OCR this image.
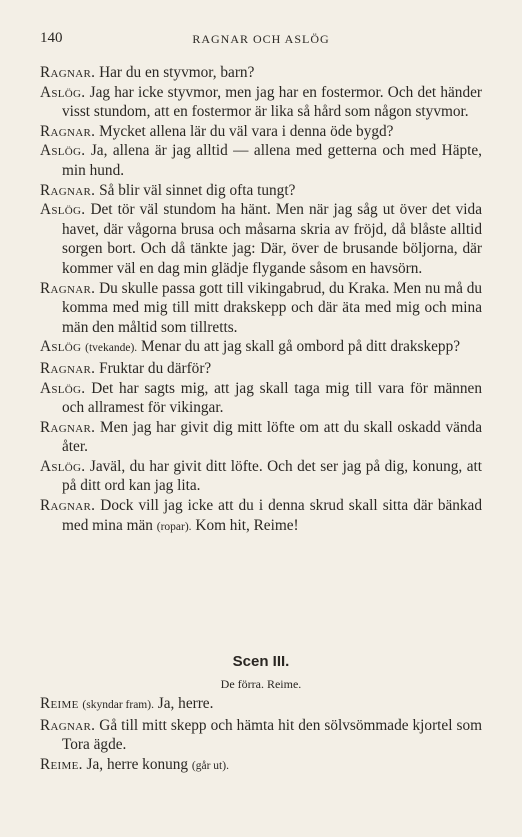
140	RAGNAR OCH ASLÖG

Ragnar. Har du en styvmor, barn?

Aslög. Jag har icke styvmor, men jag har en fostermor. Och det händer visst stundom, att en fostermor är lika så hård som någon styvmor.

Ragnar. Mycket allena lär du väl vara i denna öde bygd?

Aslög. Ja, allena är jag alltid — allena med getterna och med Häpte, min hund.

Ragnar. Så blir väl sinnet dig ofta tungt?

Aslög. Det tör väl stundom ha hänt. Men när jag såg ut över det vida havet, där vågorna brusa och måsarna skria av fröjd, då blåste alltid sorgen bort. Och då tänkte jag: Där, över de brusande böljorna, där kommer väl en dag min glädje flygande såsom en havsörn.

Ragnar. Du skulle passa gott till vikingabrud, du Kraka. Men nu må du komma med mig till mitt drakskepp och där äta med mig och mina män den måltid som tillretts.

Aslög (tvekande). Menar du att jag skall gå ombord på ditt drakskepp?

Ragnar. Fruktar du därför?

Aslög. Det har sagts mig, att jag skall taga mig till vara för männen och allramest för vikingar.

Ragnar. Men jag har givit dig mitt löfte om att du skall oskadd vända åter.

Aslög. Javäl, du har givit ditt löfte. Och det ser jag på dig, konung, att på ditt ord kan jag lita.

Ragnar. Dock vill jag icke att du i denna skrud skall sitta där bänkad med mina män (ropar). Kom hit, Reime!

Scen III.

De förra. Reime.

Reime (skyndar fram). Ja, herre.

Ragnar. Gå till mitt skepp och hämta hit den sölvsömmade kjortel som Tora ägde.

Reime. Ja, herre konung (går ut).
